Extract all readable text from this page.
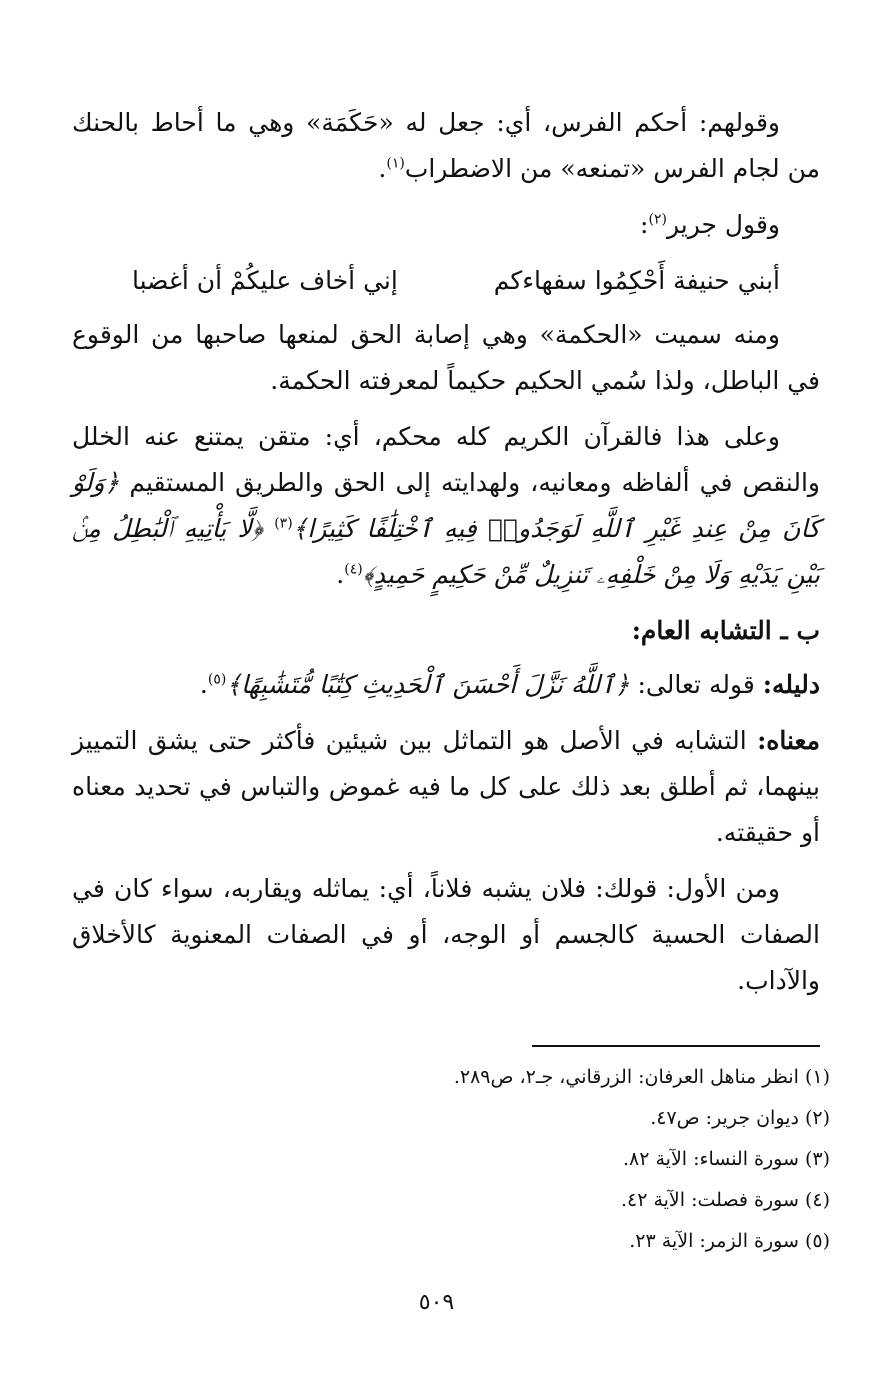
وقولهم: أحكم الفرس، أي: جعل له «حَكَمَة» وهي ما أحاط بالحنك من لجام الفرس «تمنعه» من الاضطراب$^{(١)}$.

وقول جرير$^{(٢)}$:

أبني حنيفة أَحْكِمُوا سفهاءكم
إني أخاف عليكُمْ أن أغضبا

ومنه سميت «الحكمة» وهي إصابة الحق لمنعها صاحبها من الوقوع في الباطل، ولذا سُمي الحكيم حكيماً لمعرفته الحكمة.

وعلى هذا فالقرآن الكريم كله محكم، أي: متقن يمتنع عنه الخلل والنقص في ألفاظه ومعانيه، ولهدايته إلى الحق والطريق المستقيم ﴿وَلَوْ كَانَ مِنْ عِندِ غَيْرِ ٱللَّهِ لَوَجَدُوا۟ فِيهِ ٱخْتِلَٰفًا كَثِيرًا﴾$^{(٣)}$ ﴿لَّا يَأْتِيهِ ٱلْبَٰطِلُ مِنۢ بَيْنِ يَدَيْهِ وَلَا مِنْ خَلْفِهِۦ تَنزِيلٌ مِّنْ حَكِيمٍ حَمِيدٍ﴾$^{(٤)}$.

ب ـ التشابه العام:

دليله: قوله تعالى: ﴿ٱللَّهُ نَزَّلَ أَحْسَنَ ٱلْحَدِيثِ كِتَٰبًا مُّتَشَٰبِهًا﴾$^{(٥)}$.

معناه: التشابه في الأصل هو التماثل بين شيئين فأكثر حتى يشق التمييز بينهما، ثم أطلق بعد ذلك على كل ما فيه غموض والتباس في تحديد معناه أو حقيقته.

ومن الأول: قولك: فلان يشبه فلاناً، أي: يماثله ويقاربه، سواء كان في الصفات الحسية كالجسم أو الوجه، أو في الصفات المعنوية كالأخلاق والآداب.

(١) انظر مناهل العرفان: الزرقاني، جـ٢، ص٢٨٩.
(٢) ديوان جرير: ص٤٧.
(٣) سورة النساء: الآية ٨٢.
(٤) سورة فصلت: الآية ٤٢.
(٥) سورة الزمر: الآية ٢٣.
٥٠٩
